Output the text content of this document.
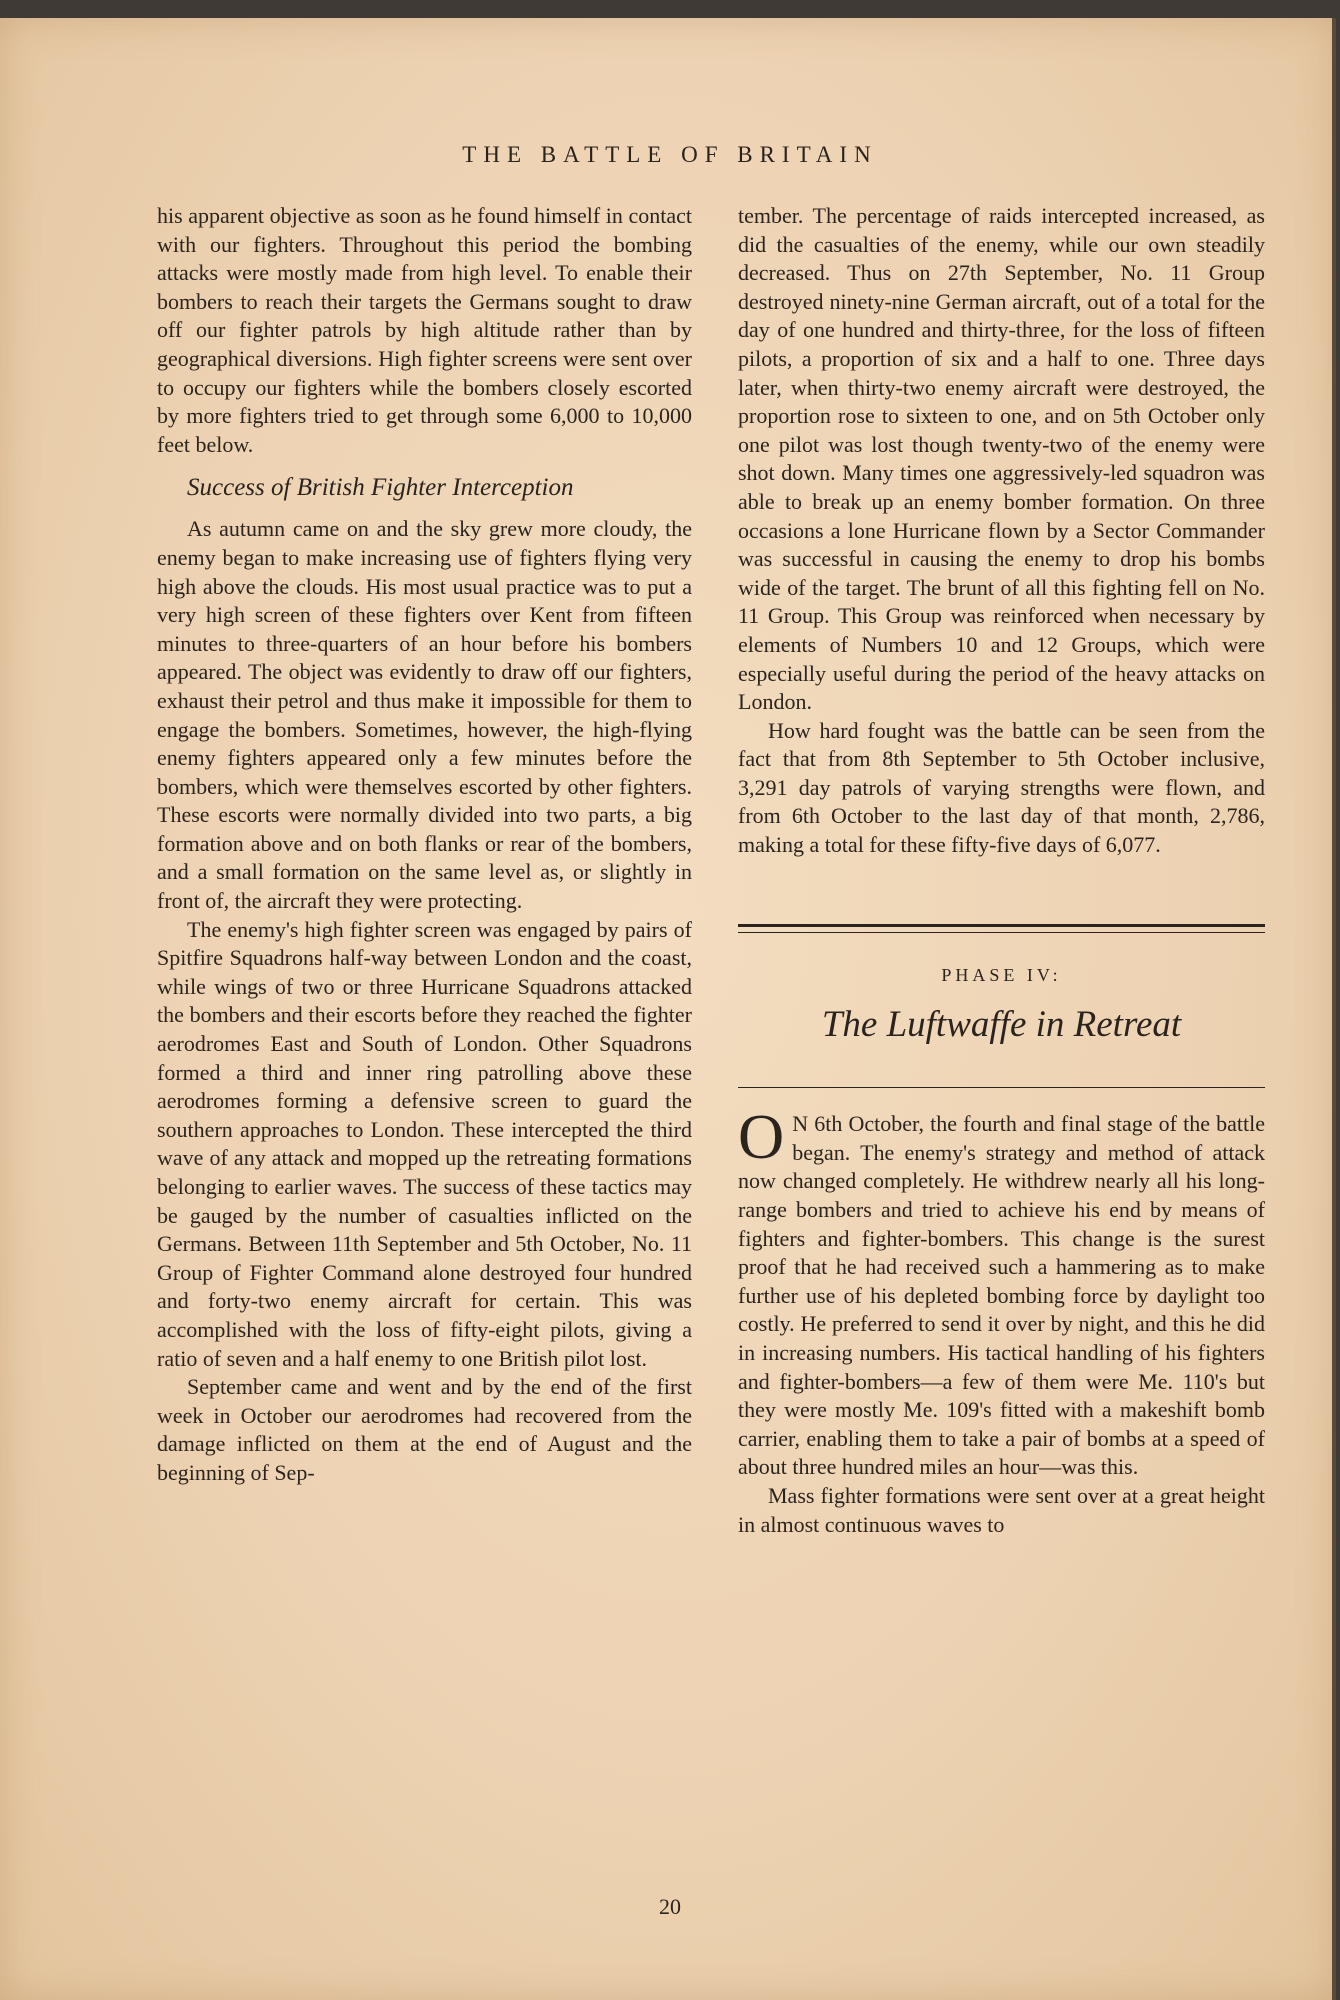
THE BATTLE OF BRITAIN

his apparent objective as soon as he found himself in contact with our fighters. Throughout this period the bombing attacks were mostly made from high level. To enable their bombers to reach their targets the Germans sought to draw off our fighter patrols by high altitude rather than by geographical diversions. High fighter screens were sent over to occupy our fighters while the bombers closely escorted by more fighters tried to get through some 6,000 to 10,000 feet below.

Success of British Fighter Interception

As autumn came on and the sky grew more cloudy, the enemy began to make increasing use of fighters flying very high above the clouds. His most usual practice was to put a very high screen of these fighters over Kent from fifteen minutes to three-quarters of an hour before his bombers appeared. The object was evidently to draw off our fighters, exhaust their petrol and thus make it impossible for them to engage the bombers. Sometimes, however, the high-flying enemy fighters appeared only a few minutes before the bombers, which were themselves escorted by other fighters. These escorts were normally divided into two parts, a big formation above and on both flanks or rear of the bombers, and a small formation on the same level as, or slightly in front of, the aircraft they were protecting.

The enemy's high fighter screen was engaged by pairs of Spitfire Squadrons half-way between London and the coast, while wings of two or three Hurricane Squadrons attacked the bombers and their escorts before they reached the fighter aerodromes East and South of London. Other Squadrons formed a third and inner ring patrolling above these aerodromes forming a defensive screen to guard the southern approaches to London. These intercepted the third wave of any attack and mopped up the retreating formations belonging to earlier waves. The success of these tactics may be gauged by the number of casualties inflicted on the Germans. Between 11th September and 5th October, No. 11 Group of Fighter Command alone destroyed four hundred and forty-two enemy aircraft for certain. This was accomplished with the loss of fifty-eight pilots, giving a ratio of seven and a half enemy to one British pilot lost.

September came and went and by the end of the first week in October our aerodromes had recovered from the damage inflicted on them at the end of August and the beginning of Sep-

tember. The percentage of raids intercepted increased, as did the casualties of the enemy, while our own steadily decreased. Thus on 27th September, No. 11 Group destroyed ninety-nine German aircraft, out of a total for the day of one hundred and thirty-three, for the loss of fifteen pilots, a proportion of six and a half to one. Three days later, when thirty-two enemy aircraft were destroyed, the proportion rose to sixteen to one, and on 5th October only one pilot was lost though twenty-two of the enemy were shot down. Many times one aggressively-led squadron was able to break up an enemy bomber formation. On three occasions a lone Hurricane flown by a Sector Commander was successful in causing the enemy to drop his bombs wide of the target. The brunt of all this fighting fell on No. 11 Group. This Group was reinforced when necessary by elements of Numbers 10 and 12 Groups, which were especially useful during the period of the heavy attacks on London.

How hard fought was the battle can be seen from the fact that from 8th September to 5th October inclusive, 3,291 day patrols of varying strengths were flown, and from 6th October to the last day of that month, 2,786, making a total for these fifty-five days of 6,077.

PHASE IV:

The Luftwaffe in Retreat

O N 6th October, the fourth and final stage of the battle began. The enemy's strategy and method of attack now changed completely. He withdrew nearly all his long-range bombers and tried to achieve his end by means of fighters and fighter-bombers. This change is the surest proof that he had received such a hammering as to make further use of his depleted bombing force by daylight too costly. He preferred to send it over by night, and this he did in increasing numbers. His tactical handling of his fighters and fighter-bombers—a few of them were Me. 110's but they were mostly Me. 109's fitted with a makeshift bomb carrier, enabling them to take a pair of bombs at a speed of about three hundred miles an hour—was this.

Mass fighter formations were sent over at a great height in almost continuous waves to

20
